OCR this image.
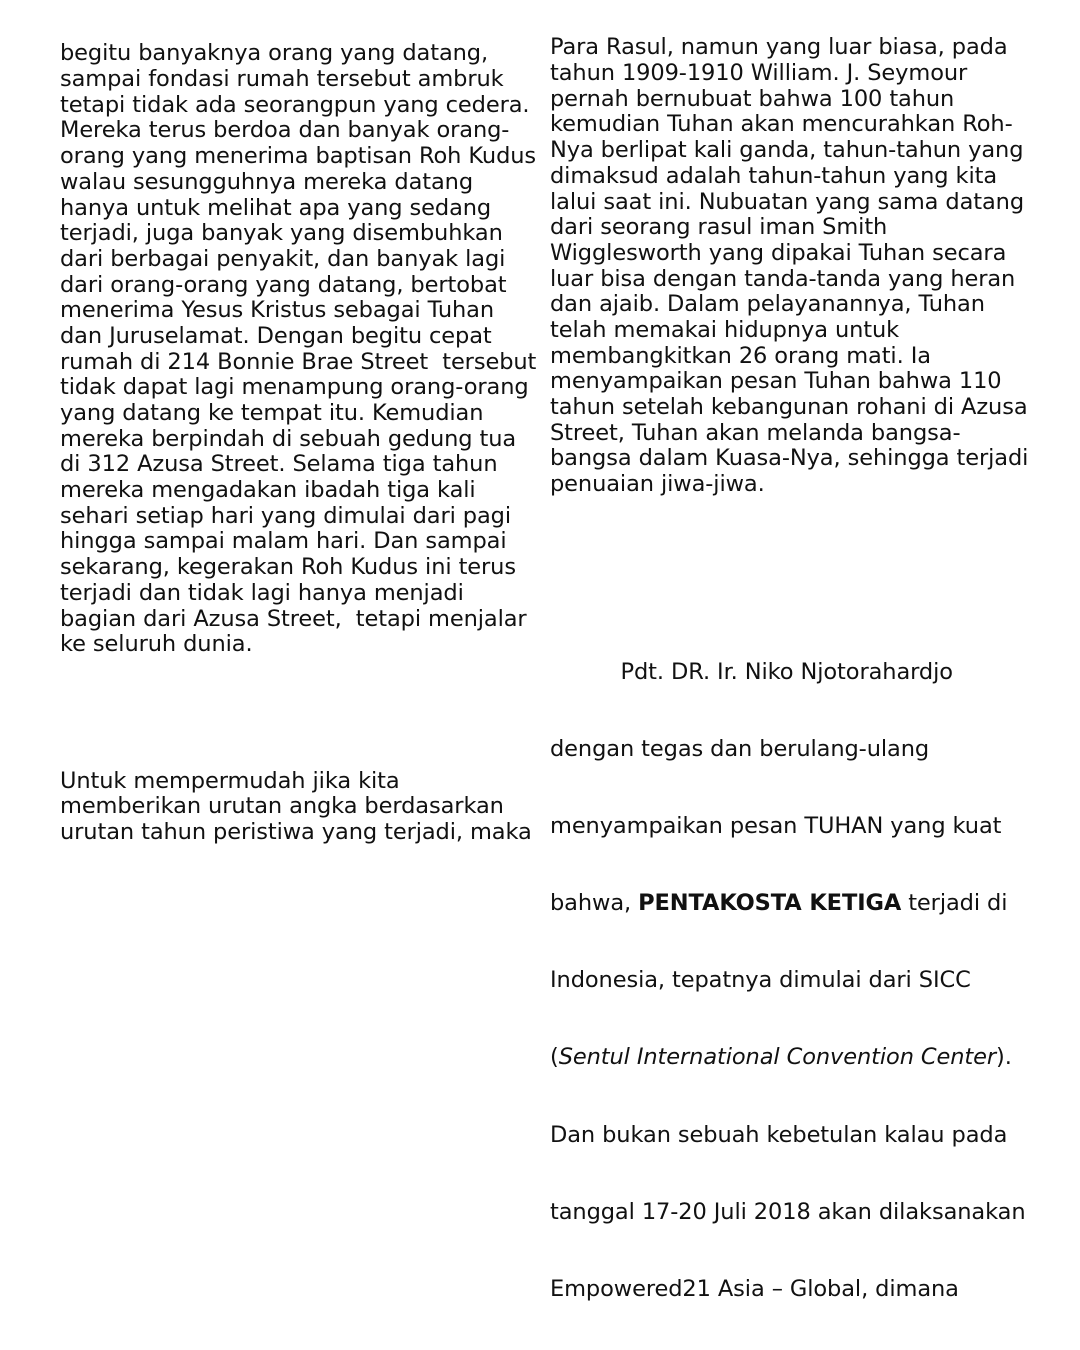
begitu banyaknya orang yang datang,
sampai fondasi rumah tersebut ambruk
tetapi tidak ada seorangpun yang cedera.
Mereka terus berdoa dan banyak orang-
orang yang menerima baptisan Roh Kudus
walau sesungguhnya mereka datang
hanya untuk melihat apa yang sedang
terjadi, juga banyak yang disembuhkan
dari berbagai penyakit, dan banyak lagi
dari orang-orang yang datang, bertobat
menerima Yesus Kristus sebagai Tuhan
dan Juruselamat. Dengan begitu cepat
rumah di 214 Bonnie Brae Street  tersebut
tidak dapat lagi menampung orang-orang
yang datang ke tempat itu. Kemudian
mereka berpindah di sebuah gedung tua
di 312 Azusa Street. Selama tiga tahun
mereka mengadakan ibadah tiga kali
sehari setiap hari yang dimulai dari pagi
hingga sampai malam hari. Dan sampai
sekarang, kegerakan Roh Kudus ini terus
terjadi dan tidak lagi hanya menjadi
bagian dari Azusa Street,  tetapi menjalar
ke seluruh dunia.

Untuk mempermudah jika kita
memberikan urutan angka berdasarkan
urutan tahun peristiwa yang terjadi, maka

Para Rasul, namun yang luar biasa, pada
tahun 1909-1910 William. J. Seymour
pernah bernubuat bahwa 100 tahun
kemudian Tuhan akan mencurahkan Roh-
Nya berlipat kali ganda, tahun-tahun yang
dimaksud adalah tahun-tahun yang kita
lalui saat ini. Nubuatan yang sama datang
dari seorang rasul iman Smith
Wigglesworth yang dipakai Tuhan secara
luar bisa dengan tanda-tanda yang heran
dan ajaib. Dalam pelayanannya, Tuhan
telah memakai hidupnya untuk
membangkitkan 26 orang mati. Ia
menyampaikan pesan Tuhan bahwa 110
tahun setelah kebangunan rohani di Azusa
Street, Tuhan akan melanda bangsa-
bangsa dalam Kuasa-Nya, sehingga terjadi
penuaian jiwa-jiwa.

Pdt. DR. Ir. Niko Njotorahardjo

dengan tegas dan berulang-ulang

menyampaikan pesan TUHAN yang kuat

bahwa, PENTAKOSTA KETIGA terjadi di

Indonesia, tepatnya dimulai dari SICC

(Sentul International Convention Center).

Dan bukan sebuah kebetulan kalau pada

tanggal 17-20 Juli 2018 akan dilaksanakan

Empowered21 Asia – Global, dimana
